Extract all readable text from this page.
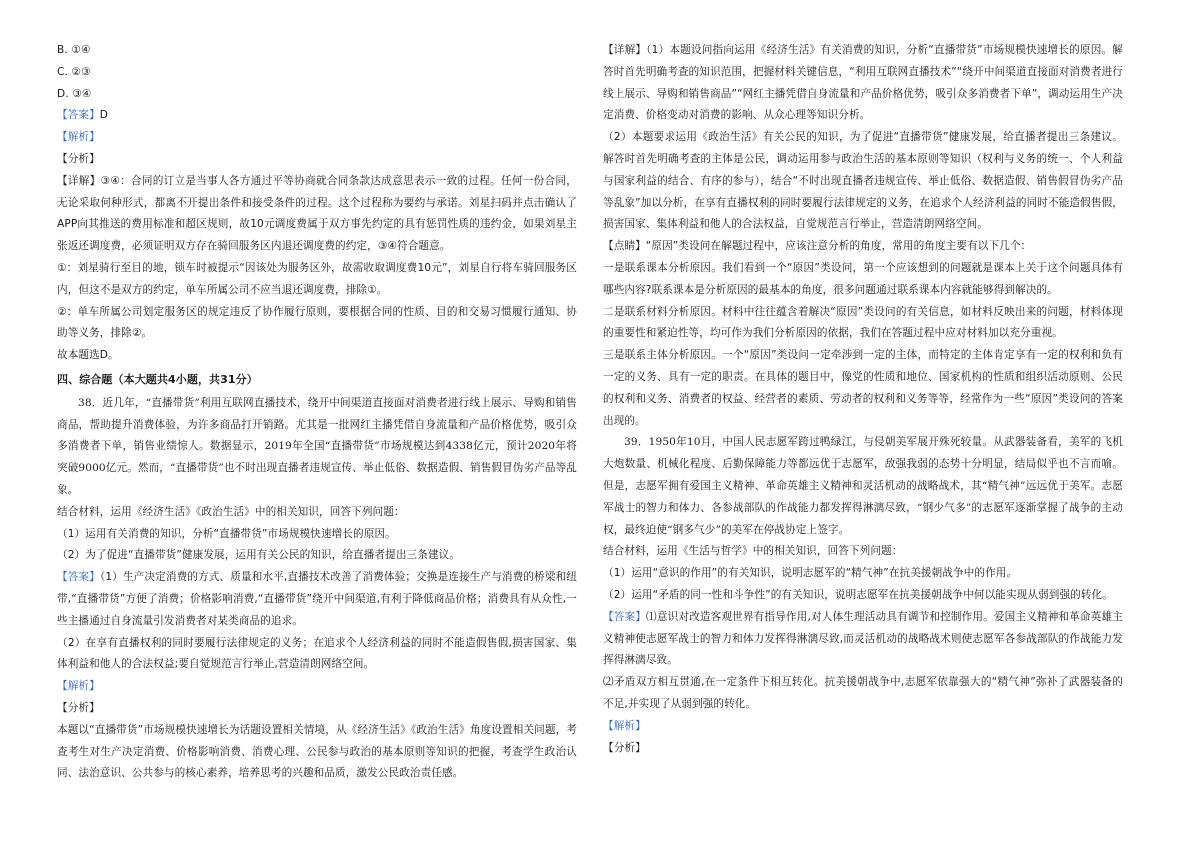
B. ①④

C. ②③

D. ③④

【答案】D

【解析】

【分析】

【详解】③④：合同的订立是当事人各方通过平等协商就合同条款达成意思表示一致的过程。任何一份合同，无论采取何种形式，都离不开提出条件和接受条件的过程。这个过程称为要约与承诺。刘星扫码并点击确认了APP向其推送的费用标准和超区规则，故10元调度费属于双方事先约定的具有惩罚性质的违约金，如果刘星主张返还调度费，必须证明双方存在骑回服务区内退还调度费的约定，③④符合题意。

①：刘星骑行至目的地，锁车时被提示“因该处为服务区外，故需收取调度费10元”，刘星自行将车骑回服务区内，但这不是双方的约定，单车所属公司不应当退还调度费，排除①。

②：单车所属公司划定服务区的规定违反了协作履行原则，要根据合同的性质、目的和交易习惯履行通知、协助等义务，排除②。

故本题选D。

四、综合题（本大题共4小题，共31分）

38．近几年，“直播带货”利用互联网直播技术，绕开中间渠道直接面对消费者进行线上展示、导购和销售商品，帮助提升消费体验，为许多商品打开销路。尤其是一批网红主播凭借自身流量和产品价格优势，吸引众多消费者下单，销售业绩惊人。数据显示，2019年全国“直播带货”市场规模达到4338亿元，预计2020年将突破9000亿元。然而，“直播带货”也不时出现直播者违规宣传、举止低俗、数据造假、销售假冒伪劣产品等乱象。

结合材料，运用《经济生活》《政治生活》中的相关知识，回答下列问题：

（1）运用有关消费的知识，分析“直播带货”市场规模快速增长的原因。

（2）为了促进“直播带货”健康发展，运用有关公民的知识，给直播者提出三条建议。

【答案】（1）生产决定消费的方式、质量和水平,直播技术改善了消费体验；交换是连接生产与消费的桥梁和纽带,“直播带货”方便了消费；价格影响消费,“直播带货”绕开中间渠道,有利于降低商品价格；消费具有从众性,一些主播通过自身流量引发消费者对某类商品的追求。

（2）在享有直播权利的同时要履行法律规定的义务；在追求个人经济利益的同时不能造假售假,损害国家、集体利益和他人的合法权益;要自觉规范言行举止,营造清朗网络空间。

【解析】

【分析】

本题以“直播带货”市场规模快速增长为话题设置相关情境，从《经济生活》《政治生活》角度设置相关问题，考查考生对生产决定消费、价格影响消费、消费心理、公民参与政治的基本原则等知识的把握，考查学生政治认同、法治意识、公共参与的核心素养，培养思考的兴趣和品质，激发公民政治责任感。

【详解】（1）本题设问指向运用《经济生活》有关消费的知识，分析“直播带货”市场规模快速增长的原因。解答时首先明确考查的知识范围，把握材料关键信息，“利用互联网直播技术”“绕开中间渠道直接面对消费者进行线上展示、导购和销售商品”“网红主播凭借自身流量和产品价格优势，吸引众多消费者下单”，调动运用生产决定消费、价格变动对消费的影响、从众心理等知识分析。

（2）本题要求运用《政治生活》有关公民的知识，为了促进“直播带货”健康发展，给直播者提出三条建议。解答时首先明确考查的主体是公民，调动运用参与政治生活的基本原则等知识（权利与义务的统一、个人利益与国家利益的结合、有序的参与），结合“不时出现直播者违规宣传、举止低俗、数据造假、销售假冒伪劣产品等乱象”加以分析，在享有直播权利的同时要履行法律规定的义务，在追求个人经济利益的同时不能造假售假，损害国家、集体利益和他人的合法权益，自觉规范言行举止，营造清朗网络空间。

【点睛】“原因”类设问在解题过程中，应该注意分析的角度，常用的角度主要有以下几个：

一是联系课本分析原因。我们看到一个“原因”类设问，第一个应该想到的问题就是课本上关于这个问题具体有哪些内容?联系课本是分析原因的最基本的角度，很多问题通过联系课本内容就能够得到解决的。

二是联系材料分析原因。材料中往往蕴含着解决“原因”类设问的有关信息，如材料反映出来的问题，材料体现的重要性和紧迫性等，均可作为我们分析原因的依据，我们在答题过程中应对材料加以充分重视。

三是联系主体分析原因。一个“原因”类设问一定牵涉到一定的主体，而特定的主体肯定享有一定的权利和负有一定的义务、具有一定的职责。在具体的题目中，像党的性质和地位、国家机构的性质和组织活动原则、公民的权利和义务、消费者的权益、经营者的素质、劳动者的权利和义务等等，经常作为一些“原因”类设问的答案出现的。

39．1950年10月，中国人民志愿军跨过鸭绿江，与侵朝美军展开殊死较量。从武器装备看，美军的飞机大炮数量、机械化程度、后勤保障能力等都远优于志愿军，敌强我弱的态势十分明显，结局似乎也不言而喻。但是，志愿军拥有爱国主义精神、革命英雄主义精神和灵活机动的战略战术，其“精气神”远远优于美军。志愿军战士的智力和体力、各参战部队的作战能力都发挥得淋漓尽致，“钢少气多”的志愿军逐渐掌握了战争的主动权，最终迫使“钢多气少”的美军在停战协定上签字。

结合材料，运用《生活与哲学》中的相关知识，回答下列问题：

（1）运用“意识的作用”的有关知识，说明志愿军的“精气神”在抗美援朝战争中的作用。

（2）运用“矛盾的同一性和斗争性”的有关知识，说明志愿军在抗美援朝战争中何以能实现从弱到强的转化。

【答案】⑴意识对改造客观世界有指导作用,对人体生理活动具有调节和控制作用。爱国主义精神和革命英雄主义精神使志愿军战士的智力和体力发挥得淋漓尽致,而灵活机动的战略战术则使志愿军各参战部队的作战能力发挥得淋漓尽致。

⑵矛盾双方相互贯通,在一定条件下相互转化。抗美援朝战争中,志愿军依靠强大的“精气神”弥补了武器装备的不足,并实现了从弱到强的转化。

【解析】

【分析】
